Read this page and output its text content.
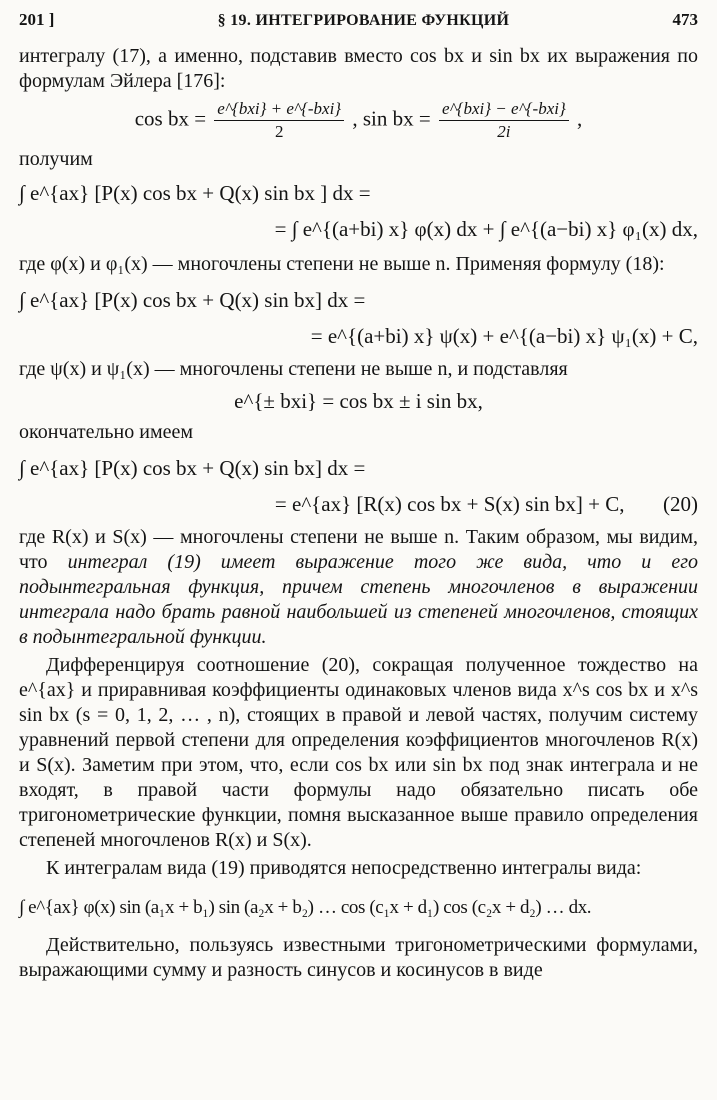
201 ]	§ 19. ИНТЕГРИРОВАНИЕ ФУНКЦИЙ	473

интегралу (17), а именно, подставив вместо cos bx и sin bx их выражения по формулам Эйлера [176]:

cos bx = $\frac{\text{e\textasciicircum{}\{bxi\} + e\textasciicircum{}\{-bxi\}}}{2}$ , sin bx = $\frac{\text{e\textasciicircum{}\{bxi\} − e\textasciicircum{}\{-bxi\}}}{2i}$ ,

получим

∫ e^{ax} [P(x) cos bx + Q(x) sin bx ] dx =
= ∫ e^{(a+bi) x} φ(x) dx + ∫ e^{(a−bi) x} φ₁(x) dx,

где φ(x) и φ₁(x) — многочлены степени не выше n. Применяя формулу (18):

∫ e^{ax} [P(x) cos bx + Q(x) sin bx] dx =
= e^{(a+bi) x} ψ(x) + e^{(a−bi) x} ψ₁(x) + C,

где ψ(x) и ψ₁(x) — многочлены степени не выше n, и подставляя

e^{± bxi} = cos bx ± i sin bx,

окончательно имеем

∫ e^{ax} [P(x) cos bx + Q(x) sin bx] dx =
= e^{ax} [R(x) cos bx + S(x) sin bx] + C, (20)

где R(x) и S(x) — многочлены степени не выше n. Таким образом, мы видим, что интеграл (19) имеет выражение того же вида, что и его подынтегральная функция, причем степень многочленов в выражении интеграла надо брать равной наибольшей из степеней многочленов, стоящих в подынтегральной функции.

Дифференцируя соотношение (20), сокращая полученное тождество на e^{ax} и приравнивая коэффициенты одинаковых членов вида x^s cos bx и x^s sin bx (s = 0, 1, 2, … , n), стоящих в правой и левой частях, получим систему уравнений первой степени для определения коэффициентов многочленов R(x) и S(x). Заметим при этом, что, если cos bx или sin bx под знак интеграла и не входят, в правой части формулы надо обязательно писать обе тригонометрические функции, помня высказанное выше правило определения степеней многочленов R(x) и S(x).

К интегралам вида (19) приводятся непосредственно интегралы вида:

∫ e^{ax} φ(x) sin (a₁x + b₁) sin (a₂x + b₂) … cos (c₁x + d₁) cos (c₂x + d₂) … dx.

Действительно, пользуясь известными тригонометрическими формулами, выражающими сумму и разность синусов и косинусов в виде
